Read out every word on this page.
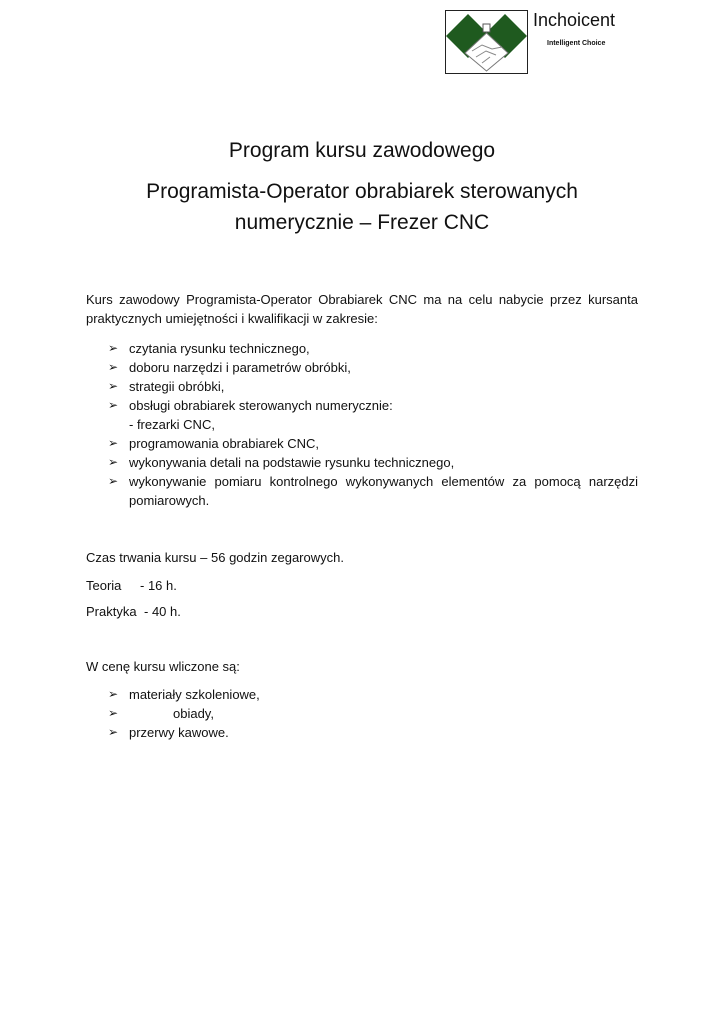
Inchoicent
Intelligent Choice
Program kursu zawodowego
Programista-Operator obrabiarek sterowanych
numerycznie – Frezer CNC
Kurs zawodowy Programista-Operator Obrabiarek CNC ma na celu nabycie przez kursanta praktycznych umiejętności i kwalifikacji w zakresie:
➢ czytania rysunku technicznego,
➢ doboru narzędzi i parametrów obróbki,
➢ strategii obróbki,
➢ obsługi obrabiarek sterowanych numerycznie:
- frezarki CNC,
➢ programowania obrabiarek CNC,
➢ wykonywania detali na podstawie rysunku technicznego,
➢ wykonywanie pomiaru kontrolnego wykonywanych elementów za pomocą narzędzi pomiarowych.
Czas trwania kursu – 56 godzin zegarowych.
Teoria - 16 h.
Praktyka - 40 h.
W cenę kursu wliczone są:
➢ materiały szkoleniowe,
➢	obiady,
➢ przerwy kawowe.
